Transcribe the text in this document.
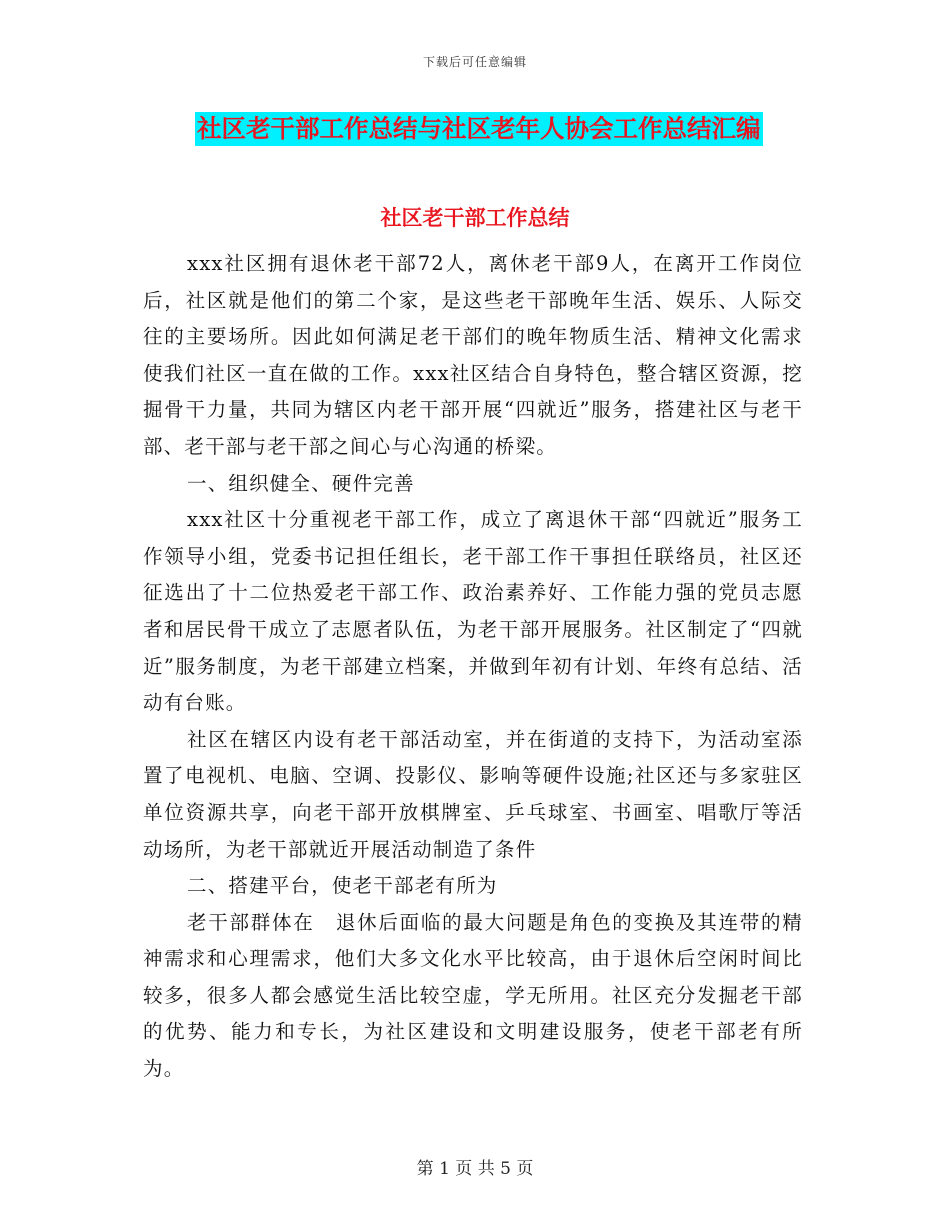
下载后可任意编辑
社区老干部工作总结与社区老年人协会工作总结汇编
社区老干部工作总结

xxx社区拥有退休老干部72人，离休老干部9人，在离开工作岗位后，社区就是他们的第二个家，是这些老干部晚年生活、娱乐、人际交往的主要场所。因此如何满足老干部们的晚年物质生活、精神文化需求使我们社区一直在做的工作。xxx社区结合自身特色，整合辖区资源，挖掘骨干力量，共同为辖区内老干部开展“四就近”服务，搭建社区与老干部、老干部与老干部之间心与心沟通的桥梁。

一、组织健全、硬件完善

xxx社区十分重视老干部工作，成立了离退休干部“四就近”服务工作领导小组，党委书记担任组长，老干部工作干事担任联络员，社区还征选出了十二位热爱老干部工作、政治素养好、工作能力强的党员志愿者和居民骨干成立了志愿者队伍，为老干部开展服务。社区制定了“四就近”服务制度，为老干部建立档案，并做到年初有计划、年终有总结、活动有台账。

社区在辖区内设有老干部活动室，并在街道的支持下，为活动室添置了电视机、电脑、空调、投影仪、影响等硬件设施;社区还与多家驻区单位资源共享，向老干部开放棋牌室、乒乓球室、书画室、唱歌厅等活动场所，为老干部就近开展活动制造了条件

二、搭建平台，使老干部老有所为

老干部群体在　退休后面临的最大问题是角色的变换及其连带的精神需求和心理需求，他们大多文化水平比较高，由于退休后空闲时间比较多，很多人都会感觉生活比较空虚，学无所用。社区充分发掘老干部的优势、能力和专长，为社区建设和文明建设服务，使老干部老有所为。

第 1 页 共 5 页
